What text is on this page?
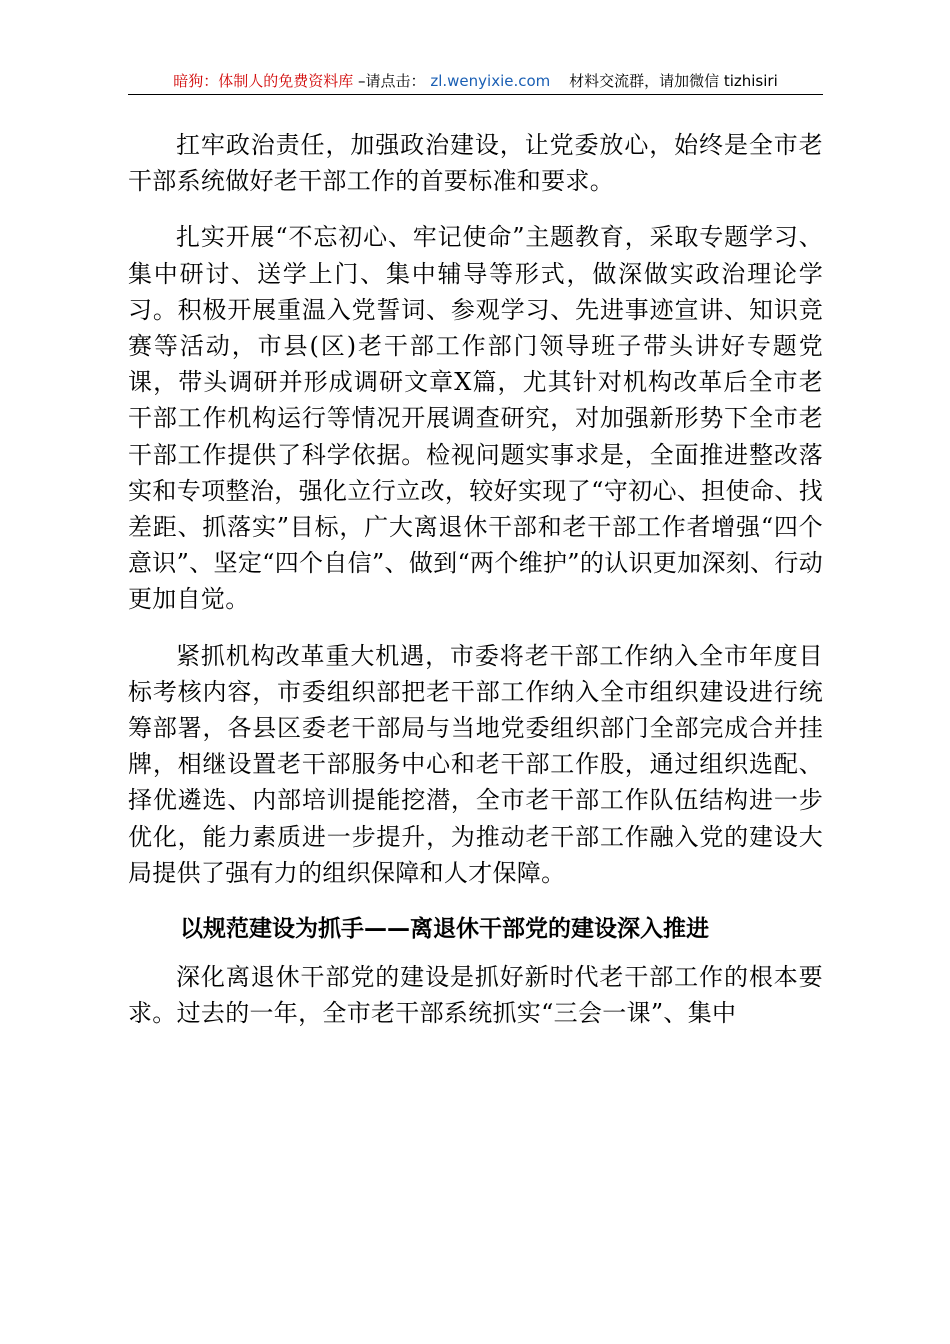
暗狗：体制人的免费资料库 –请点击： zl.wenyixie.com 材料交流群，请加微信 tizhisiri

扛牢政治责任，加强政治建设，让党委放心，始终是全市老干部系统做好老干部工作的首要标准和要求。

扎实开展“不忘初心、牢记使命”主题教育，采取专题学习、集中研讨、送学上门、集中辅导等形式，做深做实政治理论学习。积极开展重温入党誓词、参观学习、先进事迹宣讲、知识竞赛等活动，市县(区)老干部工作部门领导班子带头讲好专题党课，带头调研并形成调研文章X篇，尤其针对机构改革后全市老干部工作机构运行等情况开展调查研究，对加强新形势下全市老干部工作提供了科学依据。检视问题实事求是，全面推进整改落实和专项整治，强化立行立改，较好实现了“守初心、担使命、找差距、抓落实”目标，广大离退休干部和老干部工作者增强“四个意识”、坚定“四个自信”、做到“两个维护”的认识更加深刻、行动更加自觉。

紧抓机构改革重大机遇，市委将老干部工作纳入全市年度目标考核内容，市委组织部把老干部工作纳入全市组织建设进行统筹部署，各县区委老干部局与当地党委组织部门全部完成合并挂牌，相继设置老干部服务中心和老干部工作股，通过组织选配、择优遴选、内部培训提能挖潜，全市老干部工作队伍结构进一步优化，能力素质进一步提升，为推动老干部工作融入党的建设大局提供了强有力的组织保障和人才保障。

以规范建设为抓手——离退休干部党的建设深入推进

深化离退休干部党的建设是抓好新时代老干部工作的根本要求。过去的一年，全市老干部系统抓实“三会一课”、集中
